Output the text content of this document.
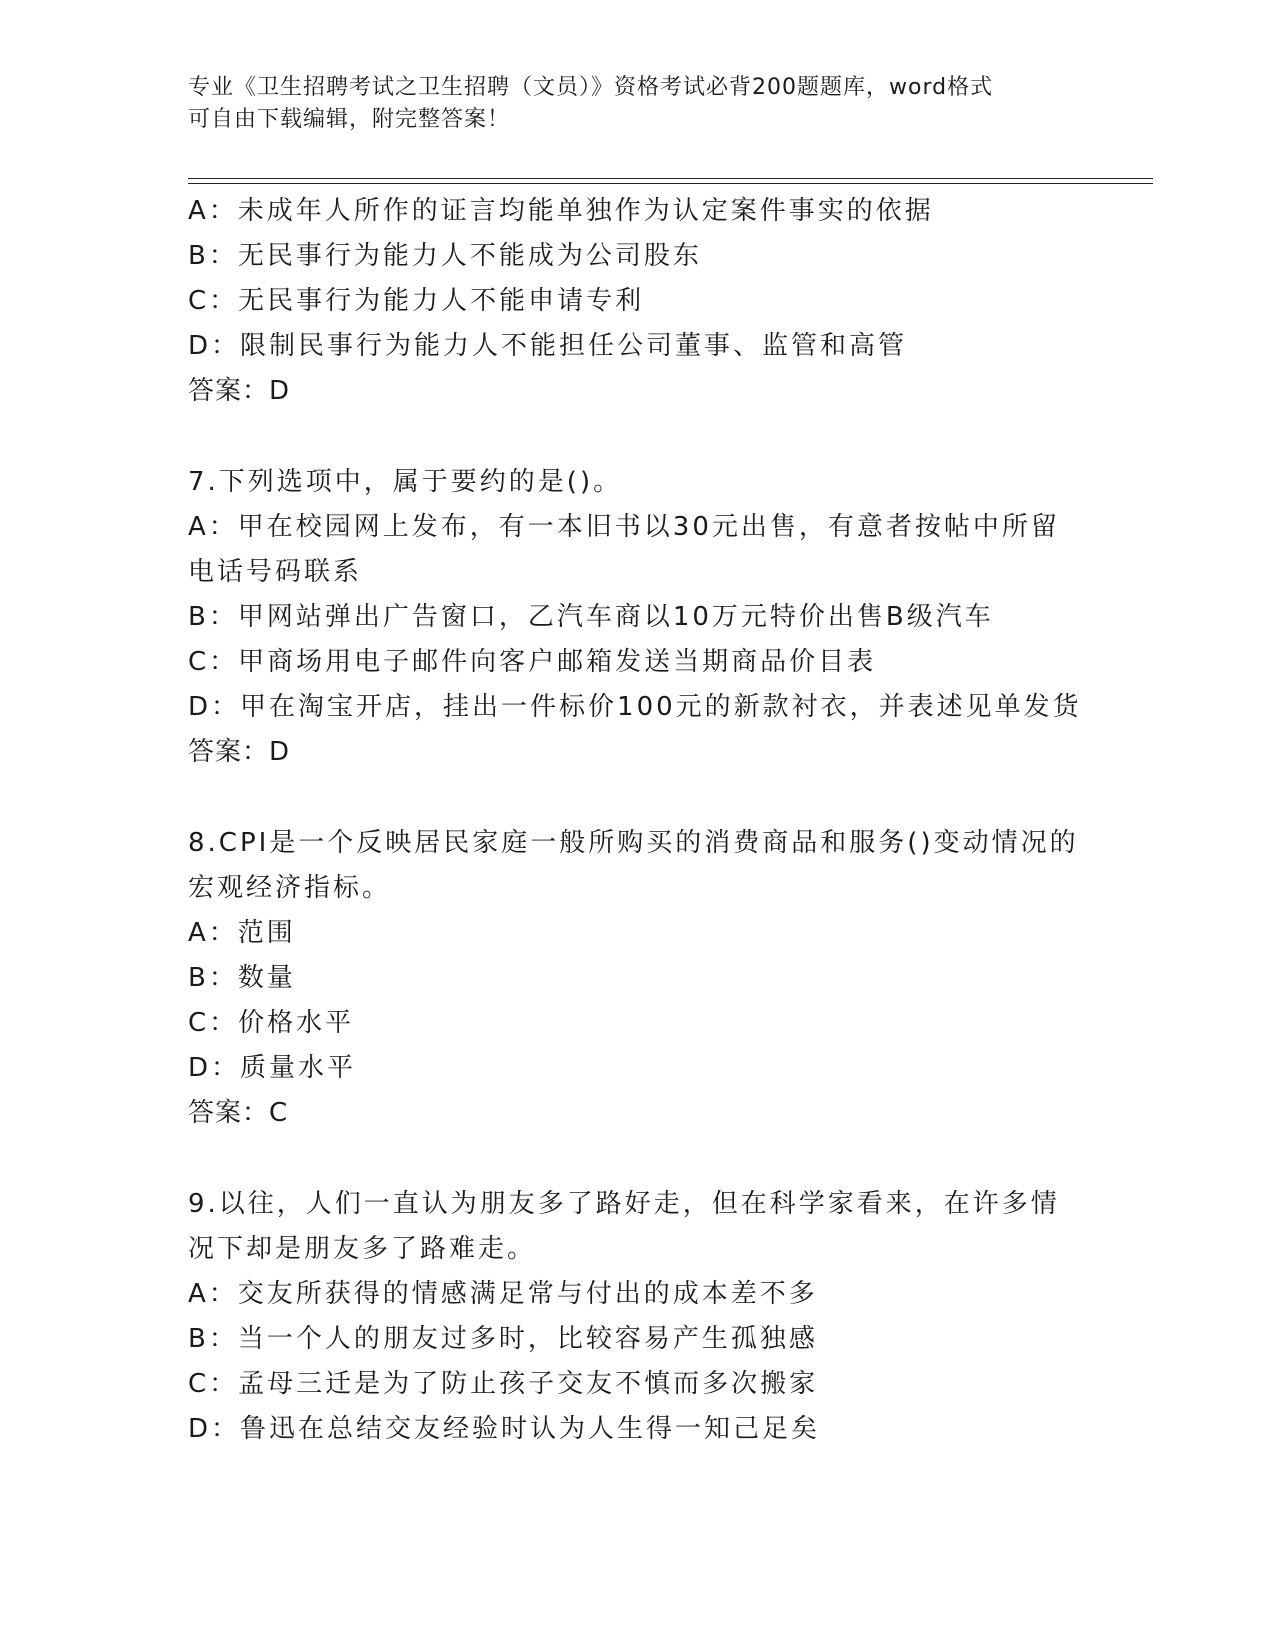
专业《卫生招聘考试之卫生招聘（文员）》资格考试必背200题题库，word格式
可自由下载编辑，附完整答案！
A：未成年人所作的证言均能单独作为认定案件事实的依据
B：无民事行为能力人不能成为公司股东
C：无民事行为能力人不能申请专利
D：限制民事行为能力人不能担任公司董事、监管和高管
答案：D
7.下列选项中，属于要约的是()。
A：甲在校园网上发布，有一本旧书以30元出售，有意者按帖中所留
电话号码联系
B：甲网站弹出广告窗口，乙汽车商以10万元特价出售B级汽车
C：甲商场用电子邮件向客户邮箱发送当期商品价目表
D：甲在淘宝开店，挂出一件标价100元的新款衬衣，并表述见单发货
答案：D
8.CPI是一个反映居民家庭一般所购买的消费商品和服务()变动情况的
宏观经济指标。
A：范围
B：数量
C：价格水平
D：质量水平
答案：C
9.以往，人们一直认为朋友多了路好走，但在科学家看来，在许多情
况下却是朋友多了路难走。
A：交友所获得的情感满足常与付出的成本差不多
B：当一个人的朋友过多时，比较容易产生孤独感
C：孟母三迁是为了防止孩子交友不慎而多次搬家
D：鲁迅在总结交友经验时认为人生得一知己足矣
